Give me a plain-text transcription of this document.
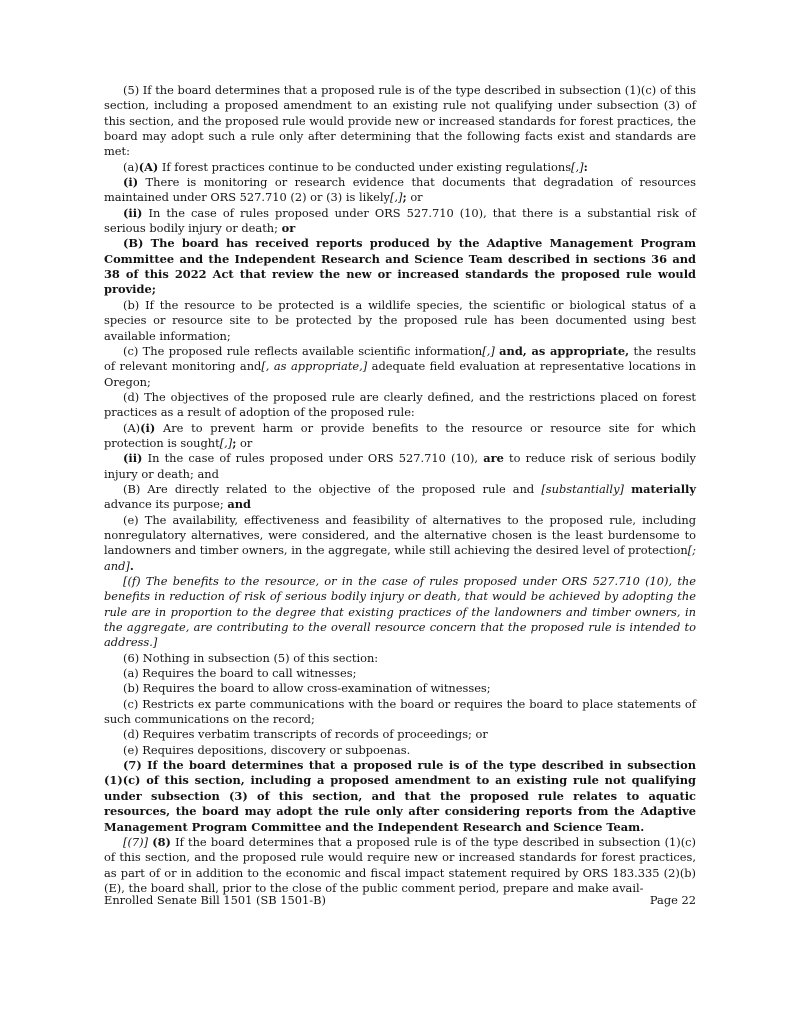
(5) If the board determines that a proposed rule is of the type described in subsection (1)(c) of this section, including a proposed amendment to an existing rule not qualifying under subsection (3) of this section, and the proposed rule would provide new or increased standards for forest practices, the board may adopt such a rule only after determining that the following facts exist and standards are met:

(a)(A) If forest practices continue to be conducted under existing regulations[,]:

(i) There is monitoring or research evidence that documents that degradation of resources maintained under ORS 527.710 (2) or (3) is likely[,]; or

(ii) In the case of rules proposed under ORS 527.710 (10), that there is a substantial risk of serious bodily injury or death; or

(B) The board has received reports produced by the Adaptive Management Program Committee and the Independent Research and Science Team described in sections 36 and 38 of this 2022 Act that review the new or increased standards the proposed rule would provide;

(b) If the resource to be protected is a wildlife species, the scientific or biological status of a species or resource site to be protected by the proposed rule has been documented using best available information;

(c) The proposed rule reflects available scientific information[,] and, as appropriate, the results of relevant monitoring and[, as appropriate,] adequate field evaluation at representative locations in Oregon;

(d) The objectives of the proposed rule are clearly defined, and the restrictions placed on forest practices as a result of adoption of the proposed rule:

(A)(i) Are to prevent harm or provide benefits to the resource or resource site for which protection is sought[,]; or

(ii) In the case of rules proposed under ORS 527.710 (10), are to reduce risk of serious bodily injury or death; and

(B) Are directly related to the objective of the proposed rule and [substantially] materially advance its purpose; and

(e) The availability, effectiveness and feasibility of alternatives to the proposed rule, including nonregulatory alternatives, were considered, and the alternative chosen is the least burdensome to landowners and timber owners, in the aggregate, while still achieving the desired level of protection[; and].

[(f) The benefits to the resource, or in the case of rules proposed under ORS 527.710 (10), the benefits in reduction of risk of serious bodily injury or death, that would be achieved by adopting the rule are in proportion to the degree that existing practices of the landowners and timber owners, in the aggregate, are contributing to the overall resource concern that the proposed rule is intended to address.]

(6) Nothing in subsection (5) of this section:

(a) Requires the board to call witnesses;

(b) Requires the board to allow cross-examination of witnesses;

(c) Restricts ex parte communications with the board or requires the board to place statements of such communications on the record;

(d) Requires verbatim transcripts of records of proceedings; or

(e) Requires depositions, discovery or subpoenas.

(7) If the board determines that a proposed rule is of the type described in subsection (1)(c) of this section, including a proposed amendment to an existing rule not qualifying under subsection (3) of this section, and that the proposed rule relates to aquatic resources, the board may adopt the rule only after considering reports from the Adaptive Management Program Committee and the Independent Research and Science Team.

[(7)] (8) If the board determines that a proposed rule is of the type described in subsection (1)(c) of this section, and the proposed rule would require new or increased standards for forest practices, as part of or in addition to the economic and fiscal impact statement required by ORS 183.335 (2)(b)(E), the board shall, prior to the close of the public comment period, prepare and make avail-

Enrolled Senate Bill 1501 (SB 1501-B)	Page 22
